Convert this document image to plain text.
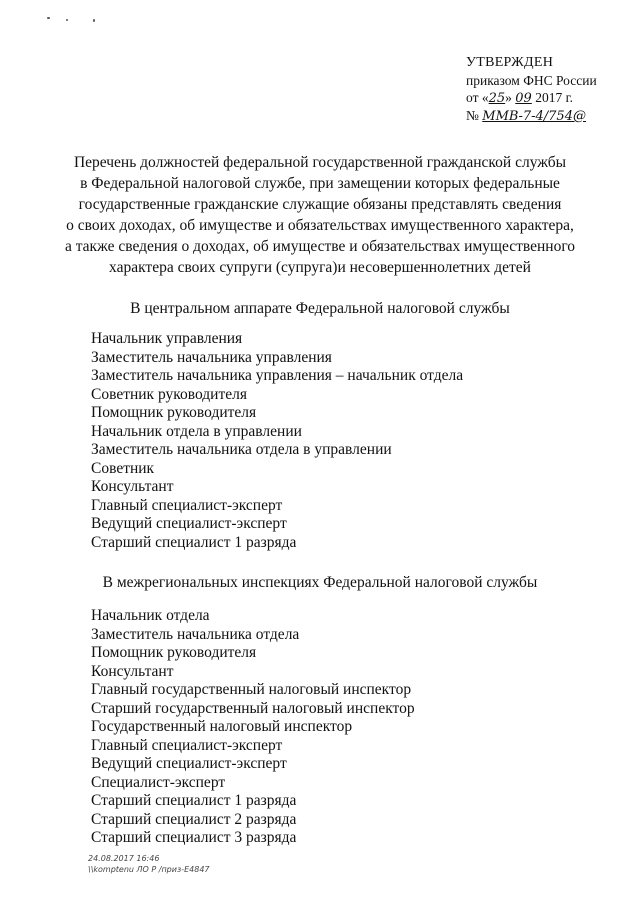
УТВЕРЖДЕН
приказом ФНС России
от «25» 09 2017 г.
№ ММВ-7-4/754@
Перечень должностей федеральной государственной гражданской службы
в Федеральной налоговой службе, при замещении которых федеральные
государственные гражданские служащие обязаны представлять сведения
о своих доходах, об имуществе и обязательствах имущественного характера,
а также сведения о доходах, об имуществе и обязательствах имущественного
характера своих супруги (супруга)и несовершеннолетних детей
В центральном аппарате Федеральной налоговой службы
Начальник управления
Заместитель начальника управления
Заместитель начальника управления – начальник отдела
Советник руководителя
Помощник руководителя
Начальник отдела в управлении
Заместитель начальника отдела в управлении
Советник
Консультант
Главный специалист-эксперт
Ведущий специалист-эксперт
Старший специалист 1 разряда
В межрегиональных инспекциях Федеральной налоговой службы
Начальник отдела
Заместитель начальника отдела
Помощник руководителя
Консультант
Главный государственный налоговый инспектор
Старший государственный налоговый инспектор
Государственный налоговый инспектор
Главный специалист-эксперт
Ведущий специалист-эксперт
Специалист-эксперт
Старший специалист 1 разряда
Старший специалист 2 разряда
Старший специалист 3 разряда
24.08.2017 16:46
\\komptenu ЛО Р /приз-Е4847
